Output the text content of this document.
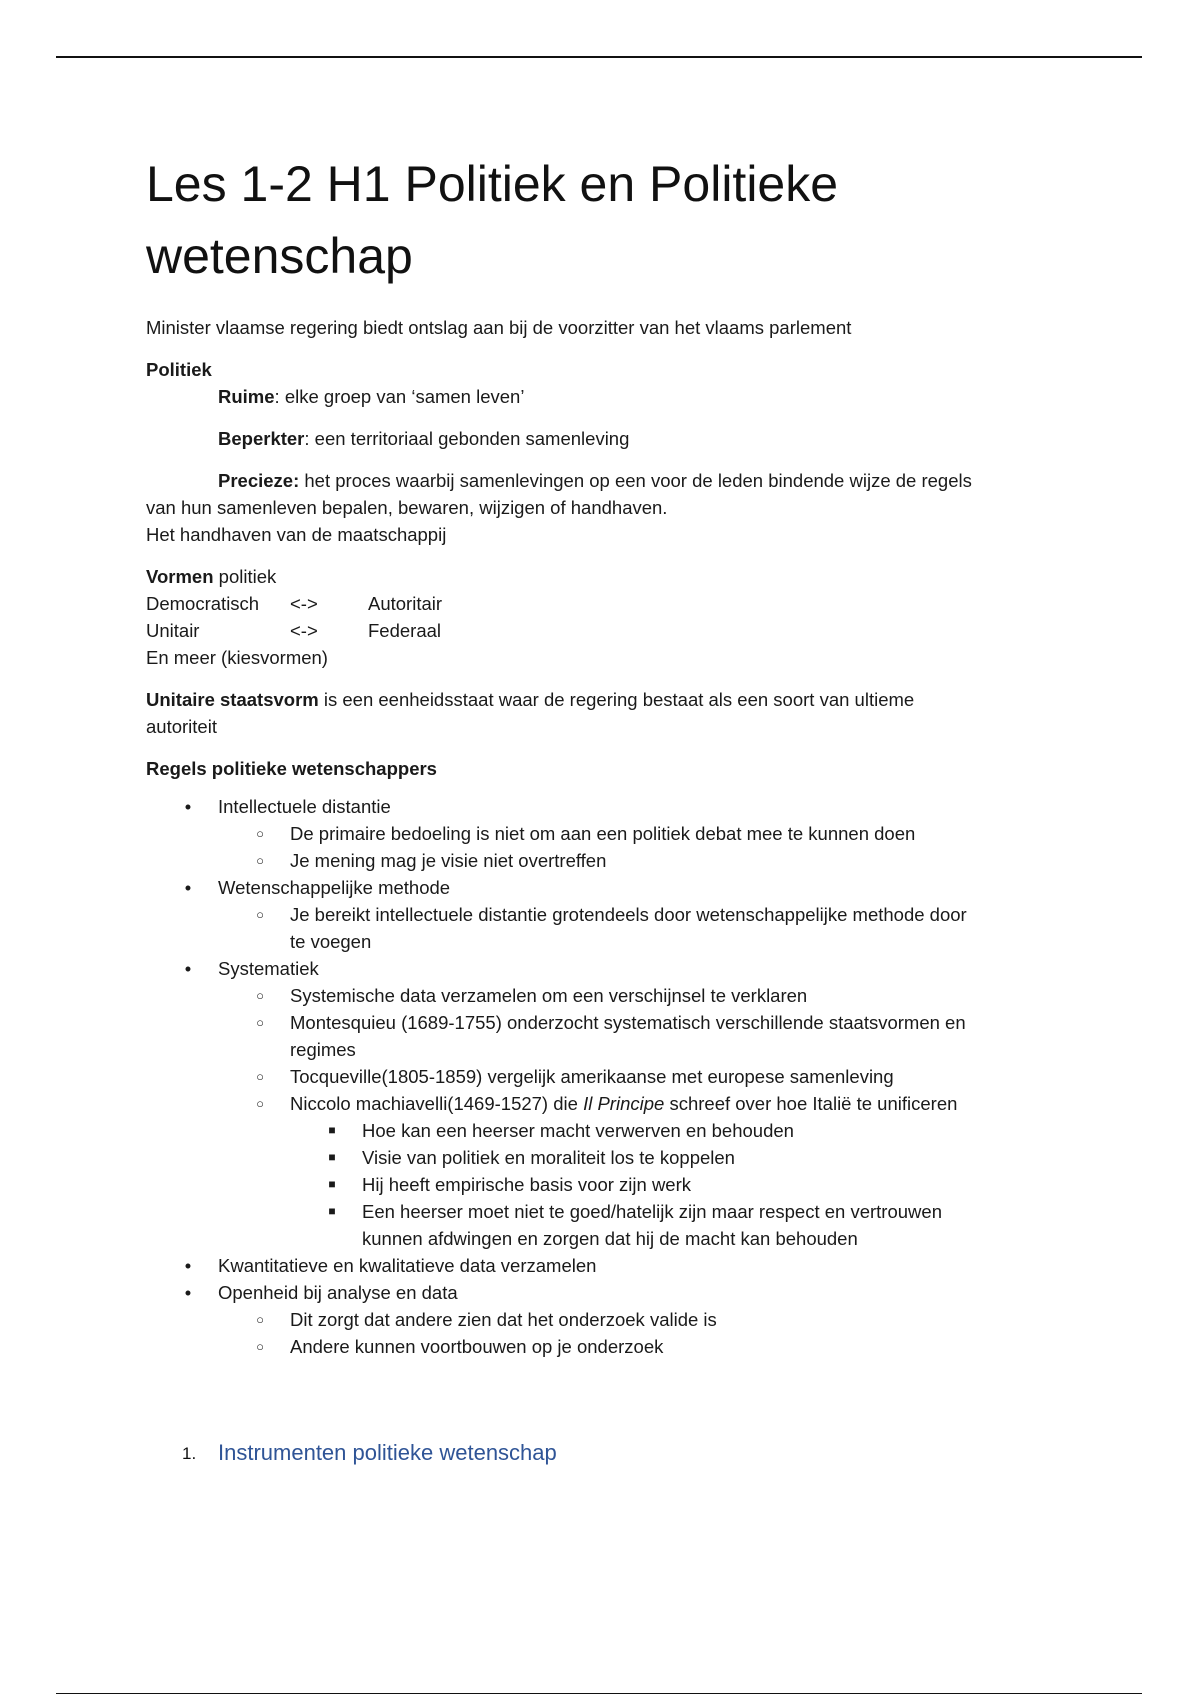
Les 1-2 H1 Politiek en Politieke wetenschap
Minister vlaamse regering biedt ontslag aan bij de voorzitter van het vlaams parlement
Politiek
Ruime: elke groep van ‘samen leven’
Beperkter: een territoriaal gebonden samenleving
Precieze: het proces waarbij samenlevingen op een voor de leden bindende wijze de regels
van hun samenleven bepalen, bewaren, wijzigen of handhaven.
Het handhaven van de maatschappij
Vormen politiek
Democratisch	<->	Autoritair
Unitair	<->	Federaal
En meer (kiesvormen)
Unitaire staatsvorm is een eenheidsstaat waar de regering bestaat als een soort van ultieme
autoriteit
Regels politieke wetenschappers
•	Intellectuele distantie
○	De primaire bedoeling is niet om aan een politiek debat mee te kunnen doen
○	Je mening mag je visie niet overtreffen
•	Wetenschappelijke methode
○	Je bereikt intellectuele distantie grotendeels door wetenschappelijke methode door
te voegen
•	Systematiek
○	Systemische data verzamelen om een verschijnsel te verklaren
○	Montesquieu (1689-1755) onderzocht systematisch verschillende staatsvormen en
regimes
○	Tocqueville(1805-1859) vergelijk amerikaanse met europese samenleving
○	Niccolo machiavelli(1469-1527) die Il Principe schreef over hoe Italië te unificeren
■	Hoe kan een heerser macht verwerven en behouden
■	Visie van politiek en moraliteit los te koppelen
■	Hij heeft empirische basis voor zijn werk
■	Een heerser moet niet te goed/hatelijk zijn maar respect en vertrouwen
kunnen afdwingen en zorgen dat hij de macht kan behouden
•	Kwantitatieve en kwalitatieve data verzamelen
•	Openheid bij analyse en data
○	Dit zorgt dat andere zien dat het onderzoek valide is
○	Andere kunnen voortbouwen op je onderzoek
1. Instrumenten politieke wetenschap
